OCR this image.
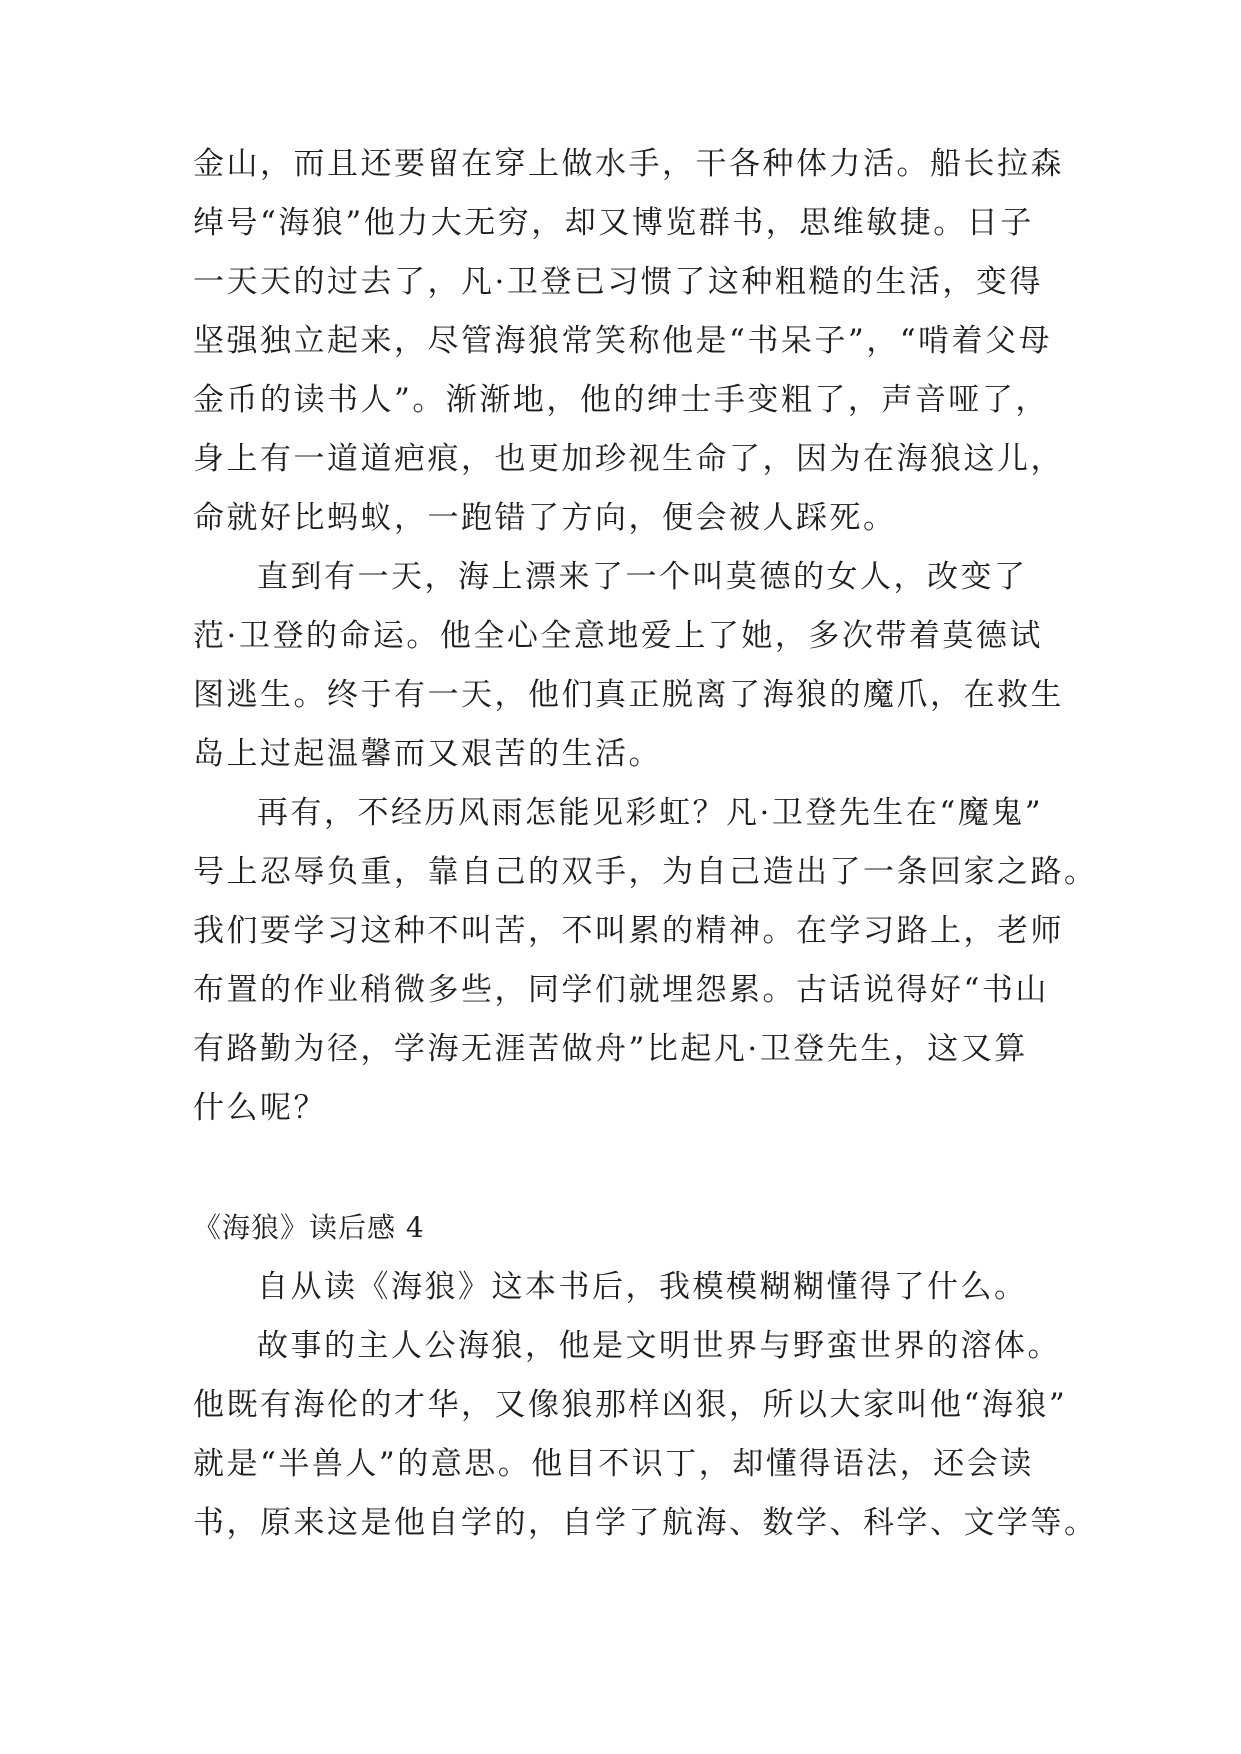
金山，而且还要留在穿上做水手，干各种体力活。船长拉森
绰号“海狼”他力大无穷，却又博览群书，思维敏捷。日子
一天天的过去了，凡·卫登已习惯了这种粗糙的生活，变得
坚强独立起来，尽管海狼常笑称他是“书呆子”，“啃着父母
金币的读书人”。渐渐地，他的绅士手变粗了，声音哑了，
身上有一道道疤痕，也更加珍视生命了，因为在海狼这儿，
命就好比蚂蚁，一跑错了方向，便会被人踩死。
直到有一天，海上漂来了一个叫莫德的女人，改变了
范·卫登的命运。他全心全意地爱上了她，多次带着莫德试
图逃生。终于有一天，他们真正脱离了海狼的魔爪，在救生
岛上过起温馨而又艰苦的生活。
再有，不经历风雨怎能见彩虹？凡·卫登先生在“魔鬼”
号上忍辱负重，靠自己的双手，为自己造出了一条回家之路。
我们要学习这种不叫苦，不叫累的精神。在学习路上，老师
布置的作业稍微多些，同学们就埋怨累。古话说得好“书山
有路勤为径，学海无涯苦做舟”比起凡·卫登先生，这又算
什么呢？
《海狼》读后感 4
自从读《海狼》这本书后，我模模糊糊懂得了什么。
故事的主人公海狼，他是文明世界与野蛮世界的溶体。
他既有海伦的才华，又像狼那样凶狠，所以大家叫他“海狼”
就是“半兽人”的意思。他目不识丁，却懂得语法，还会读
书，原来这是他自学的，自学了航海、数学、科学、文学等。
